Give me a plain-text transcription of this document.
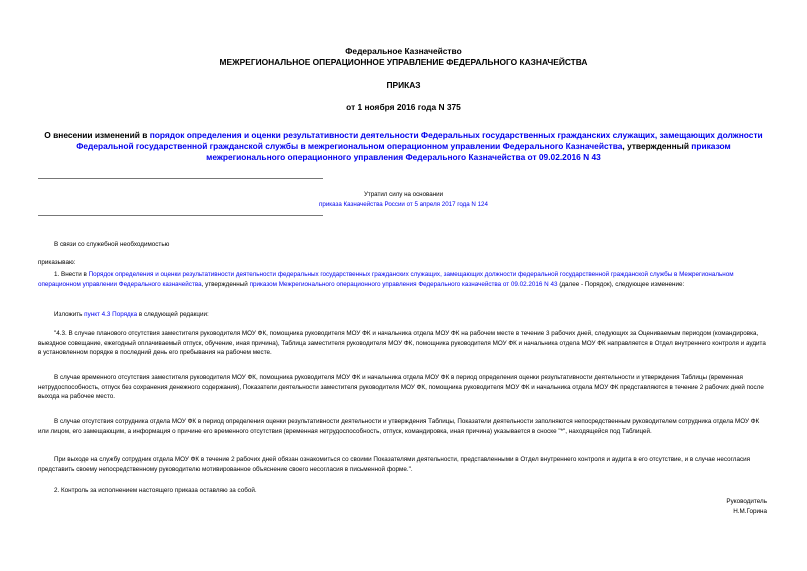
Федеральное Казначейство
МЕЖРЕГИОНАЛЬНОЕ ОПЕРАЦИОННОЕ УПРАВЛЕНИЕ ФЕДЕРАЛЬНОГО КАЗНАЧЕЙСТВА
ПРИКАЗ
от 1 ноября 2016 года N 375
О внесении изменений в порядок определения и оценки результативности деятельности Федеральных государственных гражданских служащих, замещающих должности Федеральной государственной гражданской службы в межрегиональном операционном управлении Федерального Казначейства, утвержденный приказом межрегионального операционного управления Федерального Казначейства от 09.02.2016 N 43
Утратил силу на основании
приказа Казначейства России от 5 апреля 2017 года N 124
В связи со служебной необходимостью
приказываю:
1. Внести в Порядок определения и оценки результативности деятельности федеральных государственных гражданских служащих, замещающих должности федеральной государственной гражданской службы в Межрегиональном операционном управлении Федерального казначейства, утвержденный приказом Межрегионального операционного управления Федерального казначейства от 09.02.2016 N 43 (далее - Порядок), следующее изменение:
Изложить пункт 4.3 Порядка в следующей редакции:
"4.3. В случае планового отсутствия заместителя руководителя МОУ ФК, помощника руководителя МОУ ФК и начальника отдела МОУ ФК на рабочем месте в течение 3 рабочих дней, следующих за Оцениваемым периодом (командировка, выездное совещание, ежегодный оплачиваемый отпуск, обучение, иная причина), Таблица заместителя руководителя МОУ ФК, помощника руководителя МОУ ФК и начальника отдела МОУ ФК направляется в Отдел внутреннего контроля и аудита в установленном порядке в последний день его пребывания на рабочем месте.
В случае временного отсутствия заместителя руководителя МОУ ФК, помощника руководителя МОУ ФК и начальника отдела МОУ ФК в период определения оценки результативности деятельности и утверждения Таблицы (временная нетрудоспособность, отпуск без сохранения денежного содержания), Показатели деятельности заместителя руководителя МОУ ФК, помощника руководителя МОУ ФК и начальника отдела МОУ ФК представляются в течение 2 рабочих дней после выхода на рабочее место.
В случае отсутствия сотрудника отдела МОУ ФК в период определения оценки результативности деятельности и утверждения Таблицы, Показатели деятельности заполняются непосредственным руководителем сотрудника отдела МОУ ФК или лицом, его замещающим, а информация о причине его временного отсутствия (временная нетрудоспособность, отпуск, командировка, иная причина) указывается в сноске "*", находящейся под Таблицей.
При выходе на службу сотрудник отдела МОУ ФК в течение 2 рабочих дней обязан ознакомиться со своими Показателями деятельности, представленными в Отдел внутреннего контроля и аудита в его отсутствие, и в случае несогласия представить своему непосредственному руководителю мотивированное объяснение своего несогласия в письменной форме.".
2. Контроль за исполнением настоящего приказа оставляю за собой.
Руководитель
Н.М.Горина
